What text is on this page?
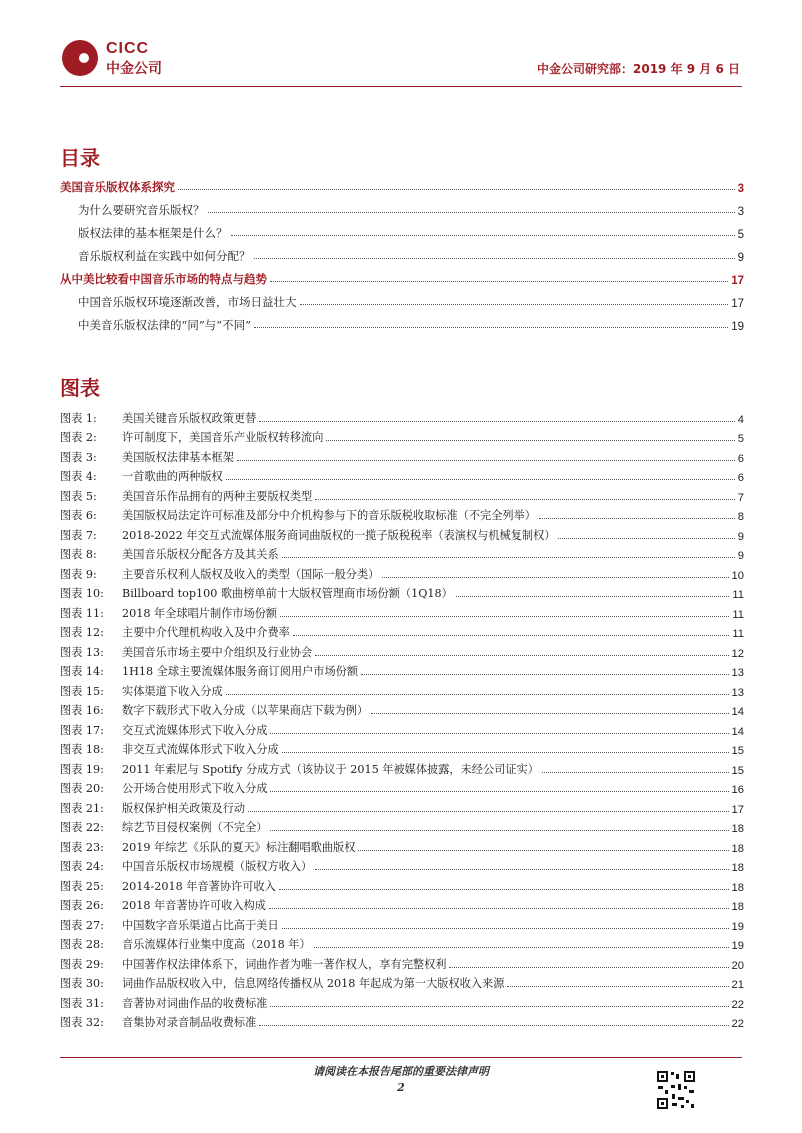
CICC
中金公司	中金公司研究部：2019 年 9 月 6 日
目录
美国音乐版权体系探究	3
为什么要研究音乐版权？	3
版权法律的基本框架是什么？	5
音乐版权利益在实践中如何分配？	9
从中美比较看中国音乐市场的特点与趋势	17
中国音乐版权环境逐渐改善，市场日益壮大	17
中美音乐版权法律的“同”与“不同”	19
图表
图表 1:	美国关键音乐版权政策更替	4
图表 2:	许可制度下，美国音乐产业版权转移流向	5
图表 3:	美国版权法律基本框架	6
图表 4:	一首歌曲的两种版权	6
图表 5:	美国音乐作品拥有的两种主要版权类型	7
图表 6:	美国版权局法定许可标准及部分中介机构参与下的音乐版税收取标准（不完全列举）	8
图表 7:	2018-2022 年交互式流媒体服务商词曲版权的一揽子版税税率（表演权与机械复制权）	9
图表 8:	美国音乐版权分配各方及其关系	9
图表 9:	主要音乐权利人版权及收入的类型（国际一般分类）	10
图表 10:	Billboard top100 歌曲榜单前十大版权管理商市场份额（1Q18）	11
图表 11:	2018 年全球唱片制作市场份额	11
图表 12:	主要中介代理机构收入及中介费率	11
图表 13:	美国音乐市场主要中介组织及行业协会	12
图表 14:	1H18 全球主要流媒体服务商订阅用户市场份额	13
图表 15:	实体渠道下收入分成	13
图表 16:	数字下载形式下收入分成（以苹果商店下载为例）	14
图表 17:	交互式流媒体形式下收入分成	14
图表 18:	非交互式流媒体形式下收入分成	15
图表 19:	2011 年索尼与 Spotify 分成方式（该协议于 2015 年被媒体披露，未经公司证实）	15
图表 20:	公开场合使用形式下收入分成	16
图表 21:	版权保护相关政策及行动	17
图表 22:	综艺节目侵权案例（不完全）	18
图表 23:	2019 年综艺《乐队的夏天》标注翻唱歌曲版权	18
图表 24:	中国音乐版权市场规模（版权方收入）	18
图表 25:	2014-2018 年音著协许可收入	18
图表 26:	2018 年音著协许可收入构成	18
图表 27:	中国数字音乐渠道占比高于美日	19
图表 28:	音乐流媒体行业集中度高（2018 年）	19
图表 29:	中国著作权法律体系下，词曲作者为唯一著作权人，享有完整权利	20
图表 30:	词曲作品版权收入中，信息网络传播权从 2018 年起成为第一大版权收入来源	21
图表 31:	音著协对词曲作品的收费标准	22
图表 32:	音集协对录音制品收费标准	22
请阅读在本报告尾部的重要法律声明
2
